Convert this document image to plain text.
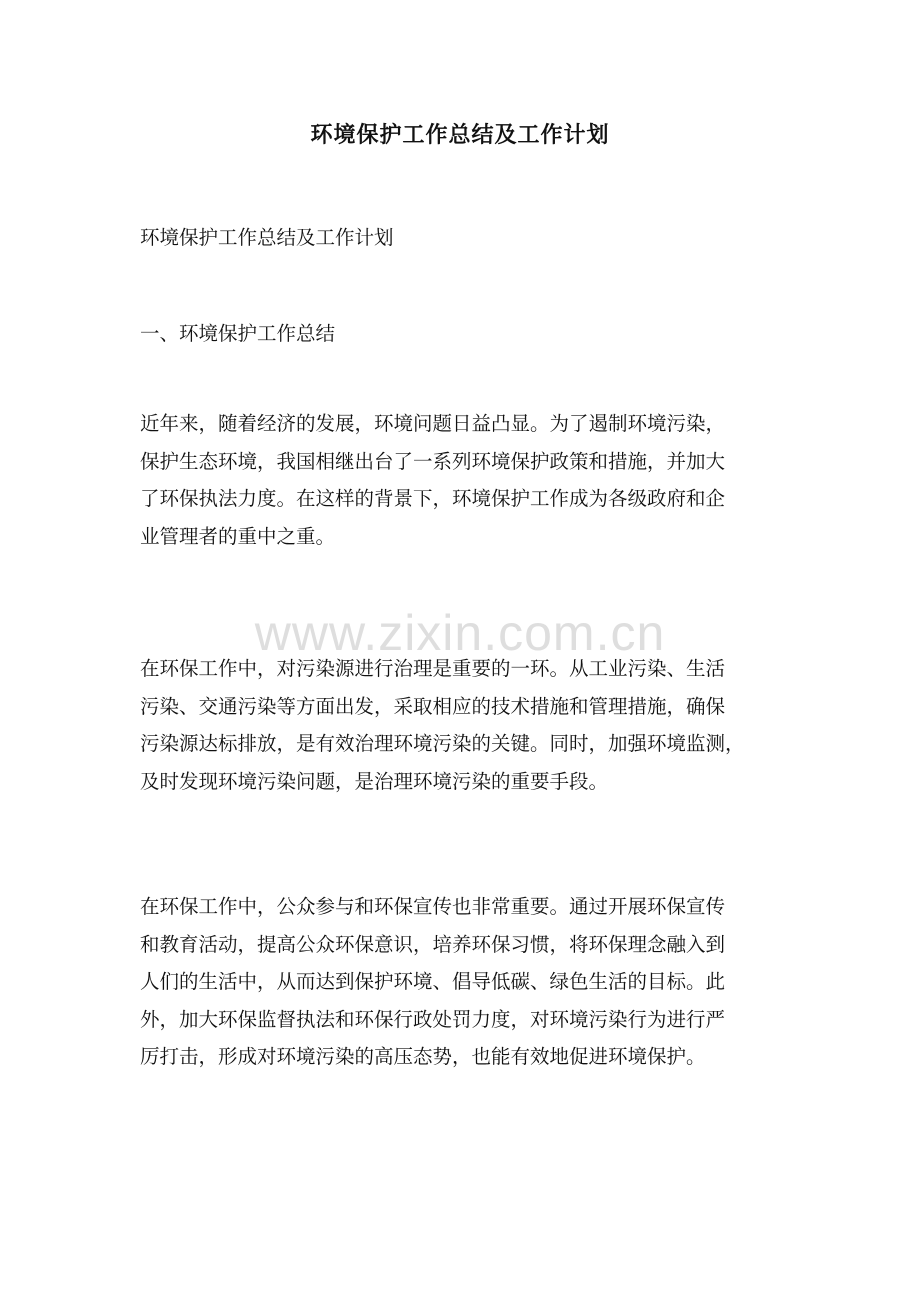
环境保护工作总结及工作计划

环境保护工作总结及工作计划

一、环境保护工作总结

近年来，随着经济的发展，环境问题日益凸显。为了遏制环境污染，
保护生态环境，我国相继出台了一系列环境保护政策和措施，并加大
了环保执法力度。在这样的背景下，环境保护工作成为各级政府和企
业管理者的重中之重。

www.zixin.com.cn

在环保工作中，对污染源进行治理是重要的一环。从工业污染、生活
污染、交通污染等方面出发，采取相应的技术措施和管理措施，确保
污染源达标排放，是有效治理环境污染的关键。同时，加强环境监测，
及时发现环境污染问题，是治理环境污染的重要手段。
在环保工作中，公众参与和环保宣传也非常重要。通过开展环保宣传
和教育活动，提高公众环保意识，培养环保习惯，将环保理念融入到
人们的生活中，从而达到保护环境、倡导低碳、绿色生活的目标。此
外，加大环保监督执法和环保行政处罚力度，对环境污染行为进行严
厉打击，形成对环境污染的高压态势，也能有效地促进环境保护。
